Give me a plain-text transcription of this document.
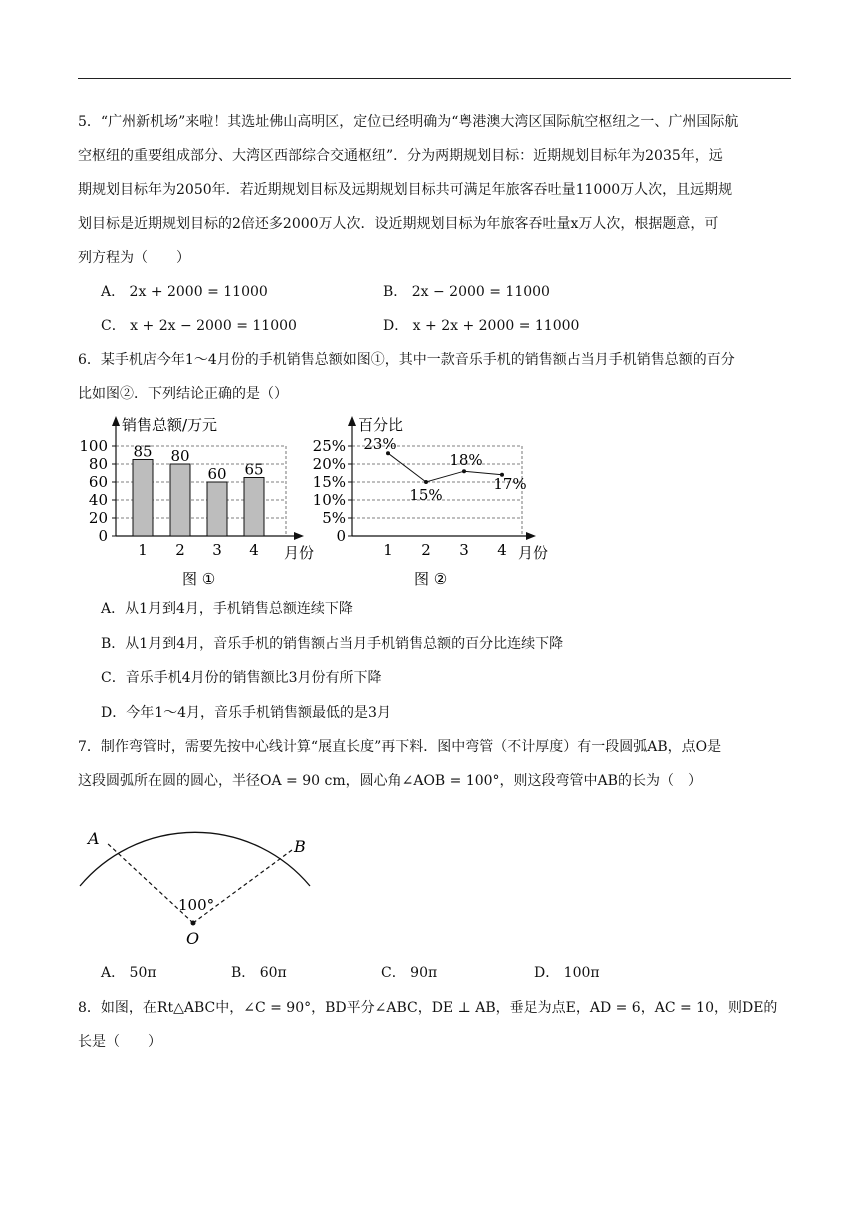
5．“广州新机场”来啦！其选址佛山高明区，定位已经明确为“粤港澳大湾区国际航空枢纽之一、广州国际航
空枢纽的重要组成部分、大湾区西部综合交通枢纽”．分为两期规划目标：近期规划目标年为2035年，远
期规划目标年为2050年．若近期规划目标及远期规划目标共可满足年旅客吞吐量11000万人次，且远期规
划目标是近期规划目标的2倍还多2000万人次．设近期规划目标为年旅客吞吐量x万人次，根据题意，可
列方程为（　　）
A． 2x + 2000 = 11000	B． 2x − 2000 = 11000
C． x + 2x − 2000 = 11000	D． x + 2x + 2000 = 11000
6．某手机店今年1～4月份的手机销售总额如图①，其中一款音乐手机的销售额占当月手机销售总额的百分
比如图②．下列结论正确的是（）
0
20
40
60
80
100 85 80
60 65
1 2 3 4
销售总额/万元
月份
图 ①
0
5%
10%
15%
20%
25% 23%
15%
18%
17%
1 2 3 4
百分比
月份
图 ②
A．从1月到4月，手机销售总额连续下降
B．从1月到4月，音乐手机的销售额占当月手机销售总额的百分比连续下降
C．音乐手机4月份的销售额比3月份有所下降
D．今年1～4月，音乐手机销售额最低的是3月
7．制作弯管时，需要先按中心线计算“展直长度”再下料．图中弯管（不计厚度）有一段圆弧AB，点O是
这段圆弧所在圆的圆心，半径OA = 90 cm，圆心角∠AOB = 100°，则这段弯管中AB的长为（　）
A	B
O
100°
A． 50π	B． 60π	C． 90π	D． 100π
8．如图，在Rt△ABC中，∠C = 90°，BD平分∠ABC，DE ⊥ AB，垂足为点E，AD = 6，AC = 10，则DE的
长是（　　）
